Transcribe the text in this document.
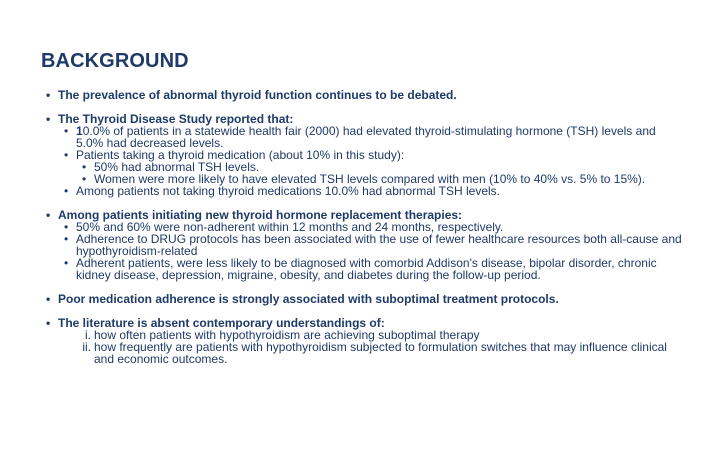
BACKGROUND
• The prevalence of abnormal thyroid function continues to be debated.
• The Thyroid Disease Study reported that:
• 10.0% of patients in a statewide health fair (2000) had elevated thyroid-stimulating hormone (TSH) levels and 5.0% had decreased levels.
• Patients taking a thyroid medication (about 10% in this study):
• 50% had abnormal TSH levels.
• Women were more likely to have elevated TSH levels compared with men (10% to 40% vs. 5% to 15%).
• Among patients not taking thyroid medications 10.0% had abnormal TSH levels.
• Among patients initiating new thyroid hormone replacement therapies:
• 50% and 60% were non-adherent within 12 months and 24 months, respectively.
• Adherence to DRUG protocols has been associated with the use of fewer healthcare resources both all-cause and hypothyroidism-related
• Adherent patients, were less likely to be diagnosed with comorbid Addison's disease, bipolar disorder, chronic kidney disease, depression, migraine, obesity, and diabetes during the follow-up period.
• Poor medication adherence is strongly associated with suboptimal treatment protocols.
• The literature is absent contemporary understandings of:
i. how often patients with hypothyroidism are achieving suboptimal therapy
ii. how frequently are patients with hypothyroidism subjected to formulation switches that may influence clinical and economic outcomes.
